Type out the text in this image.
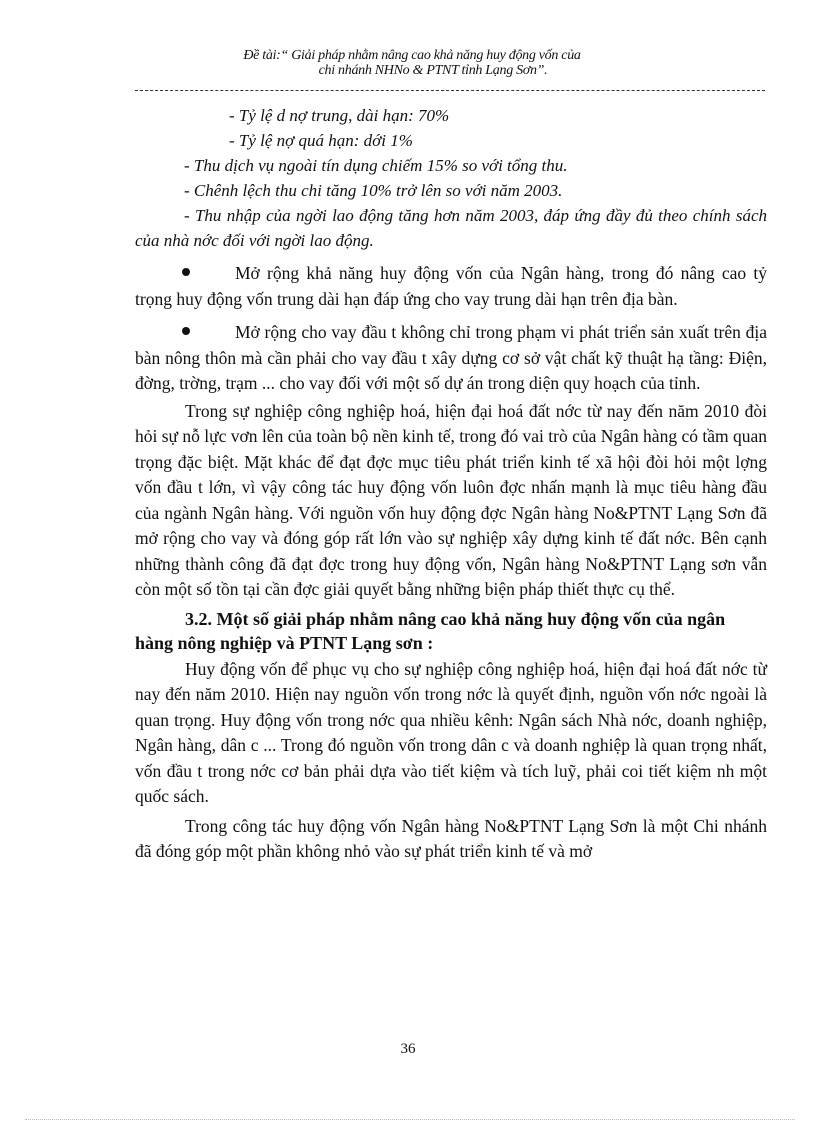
Đề tài:“ Giải pháp nhằm nâng cao khả năng huy động vốn của
chi nhánh NHNo & PTNT tỉnh Lạng Sơn”.
- Tỷ lệ d nợ trung, dài hạn: 70%
- Tỷ lệ nợ quá hạn: dới 1%
- Thu dịch vụ ngoài tín dụng chiếm 15% so với tổng thu.
- Chênh lệch thu chi tăng 10% trở lên so với năm 2003.
- Thu nhập của ngời lao động tăng hơn năm 2003, đáp ứng đầy đủ theo chính sách của nhà nớc đối với ngời lao động.

Mở rộng khả năng huy động vốn của Ngân hàng, trong đó nâng cao tỷ trọng huy động vốn trung dài hạn đáp ứng cho vay trung dài hạn trên địa bàn.

Mở rộng cho vay đầu t không chỉ trong phạm vi phát triển sản xuất trên địa bàn nông thôn mà cần phải cho vay đầu t xây dựng cơ sở vật chất kỹ thuật hạ tầng: Điện, đờng, trờng, trạm ... cho vay đối với một số dự án trong diện quy hoạch của tỉnh.

Trong sự nghiệp công nghiệp hoá, hiện đại hoá đất nớc từ nay đến năm 2010 đòi hỏi sự nỗ lực vơn lên của toàn bộ nền kinh tế, trong đó vai trò của Ngân hàng có tầm quan trọng đặc biệt. Mặt khác để đạt đợc mục tiêu phát triển kinh tế xã hội đòi hỏi một lợng vốn đầu t lớn, vì vậy công tác huy động vốn luôn đợc nhấn mạnh là mục tiêu hàng đầu của ngành Ngân hàng. Với nguồn vốn huy động đợc Ngân hàng No&PTNT Lạng Sơn đã mở rộng cho vay và đóng góp rất lớn vào sự nghiệp xây dựng kinh tế đất nớc. Bên cạnh những thành công đã đạt đợc trong huy động vốn, Ngân hàng No&PTNT Lạng sơn vẫn còn một số tồn tại cần đợc giải quyết bằng những biện pháp thiết thực cụ thể.

3.2. Một số giải pháp nhằm nâng cao khả năng huy động vốn của ngân hàng nông nghiệp và PTNT Lạng sơn :

Huy động vốn để phục vụ cho sự nghiệp công nghiệp hoá, hiện đại hoá đất nớc từ nay đến năm 2010. Hiện nay nguồn vốn trong nớc là quyết định, nguồn vốn nớc ngoài là quan trọng. Huy động vốn trong nớc qua nhiều kênh: Ngân sách Nhà nớc, doanh nghiệp, Ngân hàng, dân c ... Trong đó nguồn vốn trong dân c và doanh nghiệp là quan trọng nhất, vốn đầu t trong nớc cơ bản phải dựa vào tiết kiệm và tích luỹ, phải coi tiết kiệm nh một quốc sách.

Trong công tác huy động vốn Ngân hàng No&PTNT Lạng Sơn là một Chi nhánh đã đóng góp một phần không nhỏ vào sự phát triển kinh tế và mở

36
